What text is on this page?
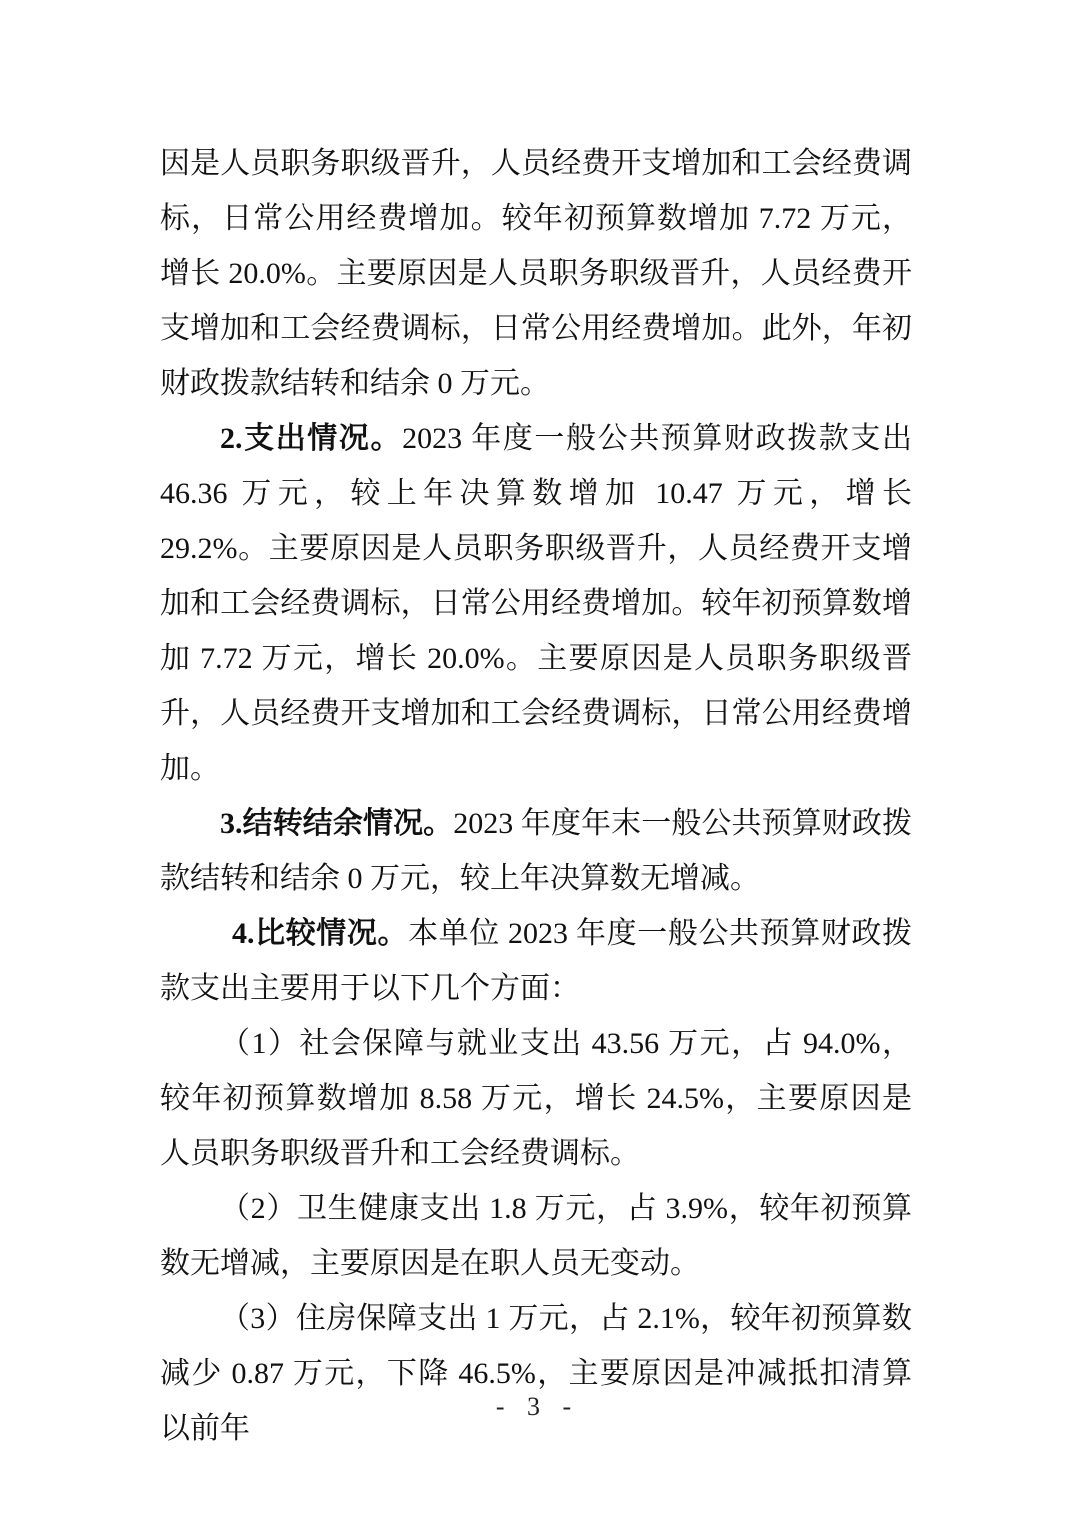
因是人员职务职级晋升，人员经费开支增加和工会经费调标，日常公用经费增加。较年初预算数增加 7.72 万元，增长 20.0%。主要原因是人员职务职级晋升，人员经费开支增加和工会经费调标，日常公用经费增加。此外，年初财政拨款结转和结余 0 万元。

2.支出情况。2023 年度一般公共预算财政拨款支出 46.36 万元，较上年决算数增加 10.47 万元，增长 29.2%。主要原因是人员职务职级晋升，人员经费开支增加和工会经费调标，日常公用经费增加。较年初预算数增加 7.72 万元，增长 20.0%。主要原因是人员职务职级晋升，人员经费开支增加和工会经费调标，日常公用经费增加。

3.结转结余情况。2023 年度年末一般公共预算财政拨款结转和结余 0 万元，较上年决算数无增减。

4.比较情况。本单位 2023 年度一般公共预算财政拨款支出主要用于以下几个方面：

（1）社会保障与就业支出 43.56 万元，占 94.0%，较年初预算数增加 8.58 万元，增长 24.5%，主要原因是人员职务职级晋升和工会经费调标。

（2）卫生健康支出 1.8 万元，占 3.9%，较年初预算数无增减，主要原因是在职人员无变动。

（3）住房保障支出 1 万元，占 2.1%，较年初预算数减少 0.87 万元，下降 46.5%，主要原因是冲减抵扣清算以前年

- 3 -
